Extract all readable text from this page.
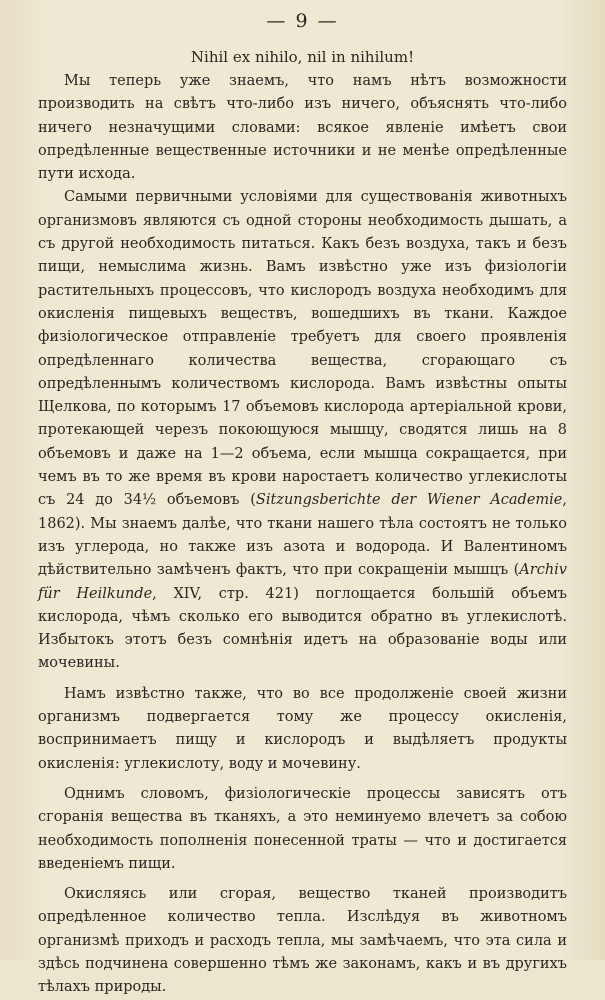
— 9 —
Nihil ex nihilo, nil in nihilum!

Мы теперь уже знаемъ, что намъ нѣтъ возможности производить на свѣтъ что-либо изъ ничего, объяснять что-либо ничего незначущими словами: всякое явленіе имѣетъ свои опредѣленные вещественные источники и не менѣе опредѣленные пути исхода.

Самыми первичными условіями для существованія животныхъ организмовъ являются съ одной стороны необходимость дышать, а съ другой необходимость питаться. Какъ безъ воздуха, такъ и безъ пищи, немыслима жизнь. Вамъ извѣстно уже изъ физіологіи растительныхъ процессовъ, что кислородъ воздуха необходимъ для окисленія пищевыхъ веществъ, вошедшихъ въ ткани. Каждое физіологическое отправленіе требуетъ для своего проявленія опредѣленнаго количества вещества, сгорающаго съ опредѣленнымъ количествомъ кислорода. Вамъ извѣстны опыты Щелкова, по которымъ 17 объемовъ кислорода артеріальной крови, протекающей черезъ покоющуюся мышцу, сводятся лишь на 8 объемовъ и даже на 1—2 объема, если мышца сокращается, при чемъ въ то же время въ крови наростаетъ количество углекислоты съ 24 до 34½ объемовъ (Sitzungsberichte der Wiener Academie, 1862). Мы знаемъ далѣе, что ткани нашего тѣла состоятъ не только изъ углерода, но также изъ азота и водорода. И Валентиномъ дѣйствительно замѣченъ фактъ, что при сокращеніи мышцъ (Archiv für Heilkunde, XIV, стр. 421) поглощается большій объемъ кислорода, чѣмъ сколько его выводится обратно въ углекислотѣ. Избытокъ этотъ безъ сомнѣнія идетъ на образованіе воды или мочевины.

Намъ извѣстно также, что во все продолженіе своей жизни организмъ подвергается тому же процессу окисленія, воспринимаетъ пищу и кислородъ и выдѣляетъ продукты окисленія: углекислоту, воду и мочевину.

Однимъ словомъ, физіологическіе процессы зависятъ отъ сгоранія вещества въ тканяхъ, а это неминуемо влечетъ за собою необходимость пополненія понесенной траты — что и достигается введеніемъ пищи.

Окисляясь или сгорая, вещество тканей производитъ опредѣленное количество тепла. Изслѣдуя въ животномъ организмѣ приходъ и расходъ тепла, мы замѣчаемъ, что эта сила и здѣсь подчинена совершенно тѣмъ же законамъ, какъ и въ другихъ тѣлахъ природы.
